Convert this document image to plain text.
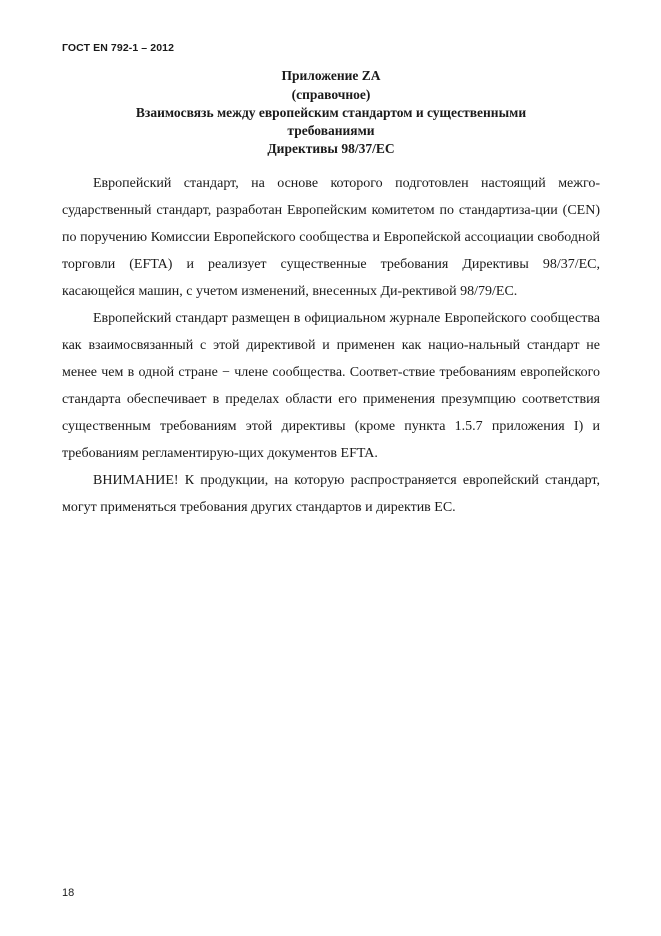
ГОСТ EN 792-1 – 2012
Приложение ZA
(справочное)
Взаимосвязь между европейским стандартом и существенными
требованиями
Директивы 98/37/ЕС

Европейский стандарт, на основе которого подготовлен настоящий межго-сударственный стандарт, разработан Европейским комитетом по стандартиза-ции (CEN) по поручению Комиссии Европейского сообщества и Европейской ассоциации свободной торговли (EFTA) и реализует существенные требования Директивы 98/37/ЕС, касающейся машин, с учетом изменений, внесенных Ди-рективой 98/79/ЕС.

Европейский стандарт размещен в официальном журнале Европейского сообщества как взаимосвязанный с этой директивой и применен как нацио-нальный стандарт не менее чем в одной стране − члене сообщества. Соответ-ствие требованиям европейского стандарта обеспечивает в пределах области его применения презумпцию соответствия существенным требованиям этой директивы (кроме пункта 1.5.7 приложения I) и требованиям регламентирую-щих документов EFTA.

ВНИМАНИЕ! К продукции, на которую распространяется европейский стандарт, могут применяться требования других стандартов и директив ЕС.

18
